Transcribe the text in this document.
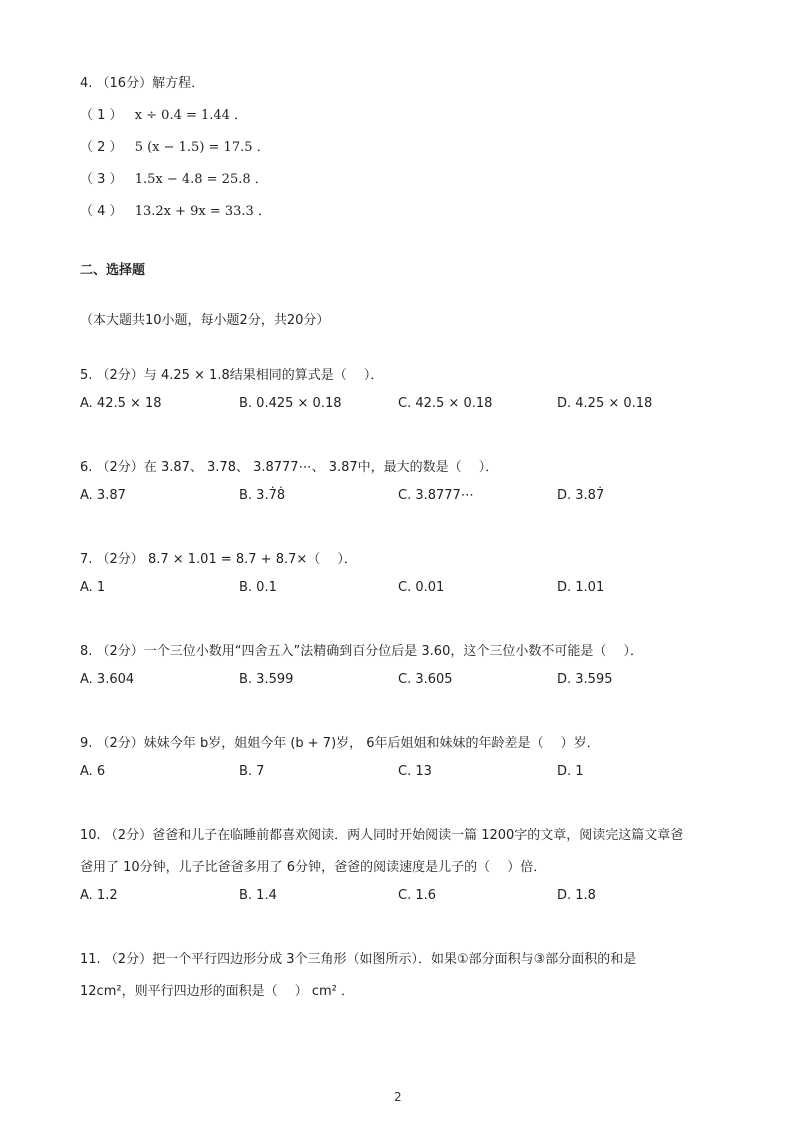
4. （16分）解方程．
（ 1 ） x ÷ 0.4 = 1.44 ．
（ 2 ） 5 (x − 1.5) = 17.5 ．
（ 3 ） 1.5x − 4.8 = 25.8 ．
（ 4 ） 13.2x + 9x = 33.3 ．
二、选择题
（本大题共10小题，每小题2分，共20分）
5. （2分）与 4.25 × 1.8结果相同的算式是（　 ）．
A. 42.5 × 18	B. 0.425 × 0.18	C. 42.5 × 0.18	D. 4.25 × 0.18
6. （2分）在 3.87、 3.7̇8̇、 3.8777⋯、 3.87̇中，最大的数是（　 ）．
A. 3.87	B. 3.7̇8̇	C. 3.8777⋯	D. 3.87̇
7. （2分） 8.7 × 1.01 = 8.7 + 8.7×（　 ）．
A. 1	B. 0.1	C. 0.01	D. 1.01
8. （2分）一个三位小数用“四舍五入”法精确到百分位后是 3.60，这个三位小数不可能是（　 ）．
A. 3.604	B. 3.599	C. 3.605	D. 3.595
9. （2分）妹妹今年 b岁，姐姐今年 (b + 7)岁， 6年后姐姐和妹妹的年龄差是（　 ）岁．
A. 6	B. 7	C. 13	D. 1
10. （2分）爸爸和儿子在临睡前都喜欢阅读．两人同时开始阅读一篇 1200字的文章，阅读完这篇文章爸
爸用了 10分钟，儿子比爸爸多用了 6分钟，爸爸的阅读速度是儿子的（　 ）倍．
A. 1.2	B. 1.4	C. 1.6	D. 1.8
11. （2分）把一个平行四边形分成 3个三角形（如图所示）．如果①部分面积与③部分面积的和是
12cm²，则平行四边形的面积是（　 ） cm² ．
2
